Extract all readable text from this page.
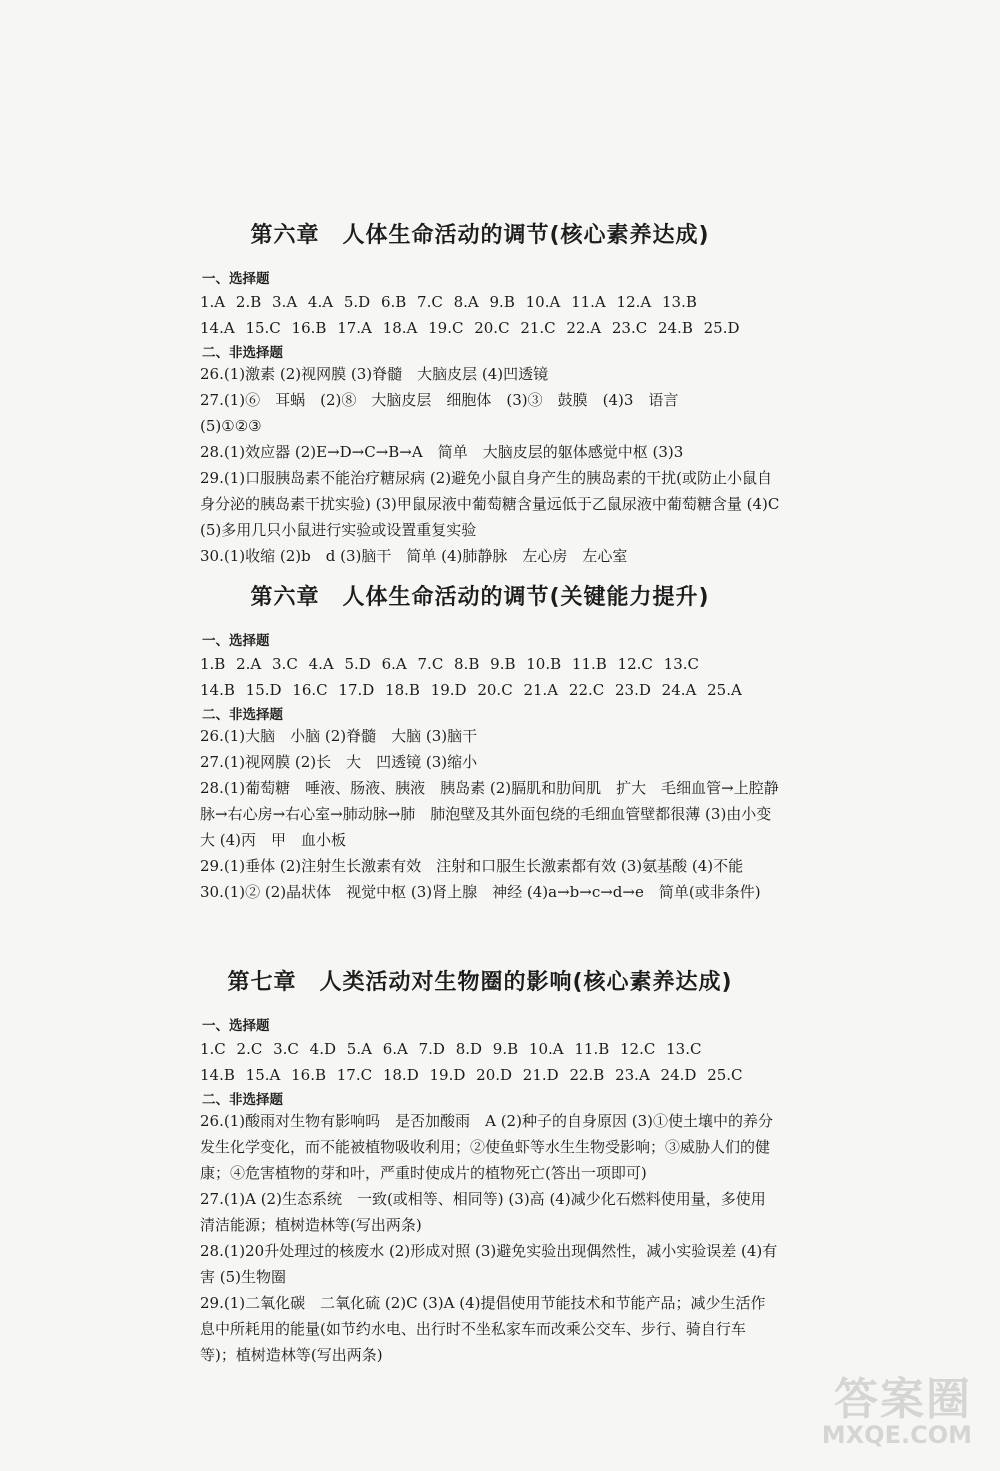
第六章　人体生命活动的调节(核心素养达成)
一、选择题
1.A 2.B 3.A 4.A 5.D 6.B 7.C 8.A 9.B 10.A 11.A 12.A 13.B
14.A 15.C 16.B 17.A 18.A 19.C 20.C 21.C 22.A 23.C 24.B 25.D
二、非选择题
26.(1)激素 (2)视网膜 (3)脊髓　大脑皮层 (4)凹透镜
27.(1)⑥　耳蜗　(2)⑧　大脑皮层　细胞体　(3)③　鼓膜　(4)3　语言
(5)①②③
28.(1)效应器 (2)E→D→C→B→A　简单　大脑皮层的躯体感觉中枢 (3)3
29.(1)口服胰岛素不能治疗糖尿病 (2)避免小鼠自身产生的胰岛素的干扰(或防止小鼠自身分泌的胰岛素干扰实验) (3)甲鼠尿液中葡萄糖含量远低于乙鼠尿液中葡萄糖含量 (4)C (5)多用几只小鼠进行实验或设置重复实验
30.(1)收缩 (2)b　d (3)脑干　简单 (4)肺静脉　左心房　左心室
第六章　人体生命活动的调节(关键能力提升)
一、选择题
1.B 2.A 3.C 4.A 5.D 6.A 7.C 8.B 9.B 10.B 11.B 12.C 13.C
14.B 15.D 16.C 17.D 18.B 19.D 20.C 21.A 22.C 23.D 24.A 25.A
二、非选择题
26.(1)大脑　小脑 (2)脊髓　大脑 (3)脑干
27.(1)视网膜 (2)长　大　凹透镜 (3)缩小
28.(1)葡萄糖　唾液、肠液、胰液　胰岛素 (2)膈肌和肋间肌　扩大　毛细血管→上腔静脉→右心房→右心室→肺动脉→肺　肺泡壁及其外面包绕的毛细血管壁都很薄 (3)由小变大 (4)丙　甲　血小板
29.(1)垂体 (2)注射生长激素有效　注射和口服生长激素都有效 (3)氨基酸 (4)不能
30.(1)② (2)晶状体　视觉中枢 (3)肾上腺　神经 (4)a→b→c→d→e　简单(或非条件)
第七章　人类活动对生物圈的影响(核心素养达成)
一、选择题
1.C 2.C 3.C 4.D 5.A 6.A 7.D 8.D 9.B 10.A 11.B 12.C 13.C
14.B 15.A 16.B 17.C 18.D 19.D 20.D 21.D 22.B 23.A 24.D 25.C
二、非选择题
26.(1)酸雨对生物有影响吗　是否加酸雨　A (2)种子的自身原因 (3)①使土壤中的养分发生化学变化，而不能被植物吸收利用；②使鱼虾等水生生物受影响；③威胁人们的健康；④危害植物的芽和叶，严重时使成片的植物死亡(答出一项即可)
27.(1)A (2)生态系统　一致(或相等、相同等) (3)高 (4)减少化石燃料使用量，多使用清洁能源；植树造林等(写出两条)
28.(1)20升处理过的核废水 (2)形成对照 (3)避免实验出现偶然性，减小实验误差 (4)有害 (5)生物圈
29.(1)二氧化碳　二氧化硫 (2)C (3)A (4)提倡使用节能技术和节能产品；减少生活作息中所耗用的能量(如节约水电、出行时不坐私家车而改乘公交车、步行、骑自行车等)；植树造林等(写出两条)
答案圈
MXQE.COM
